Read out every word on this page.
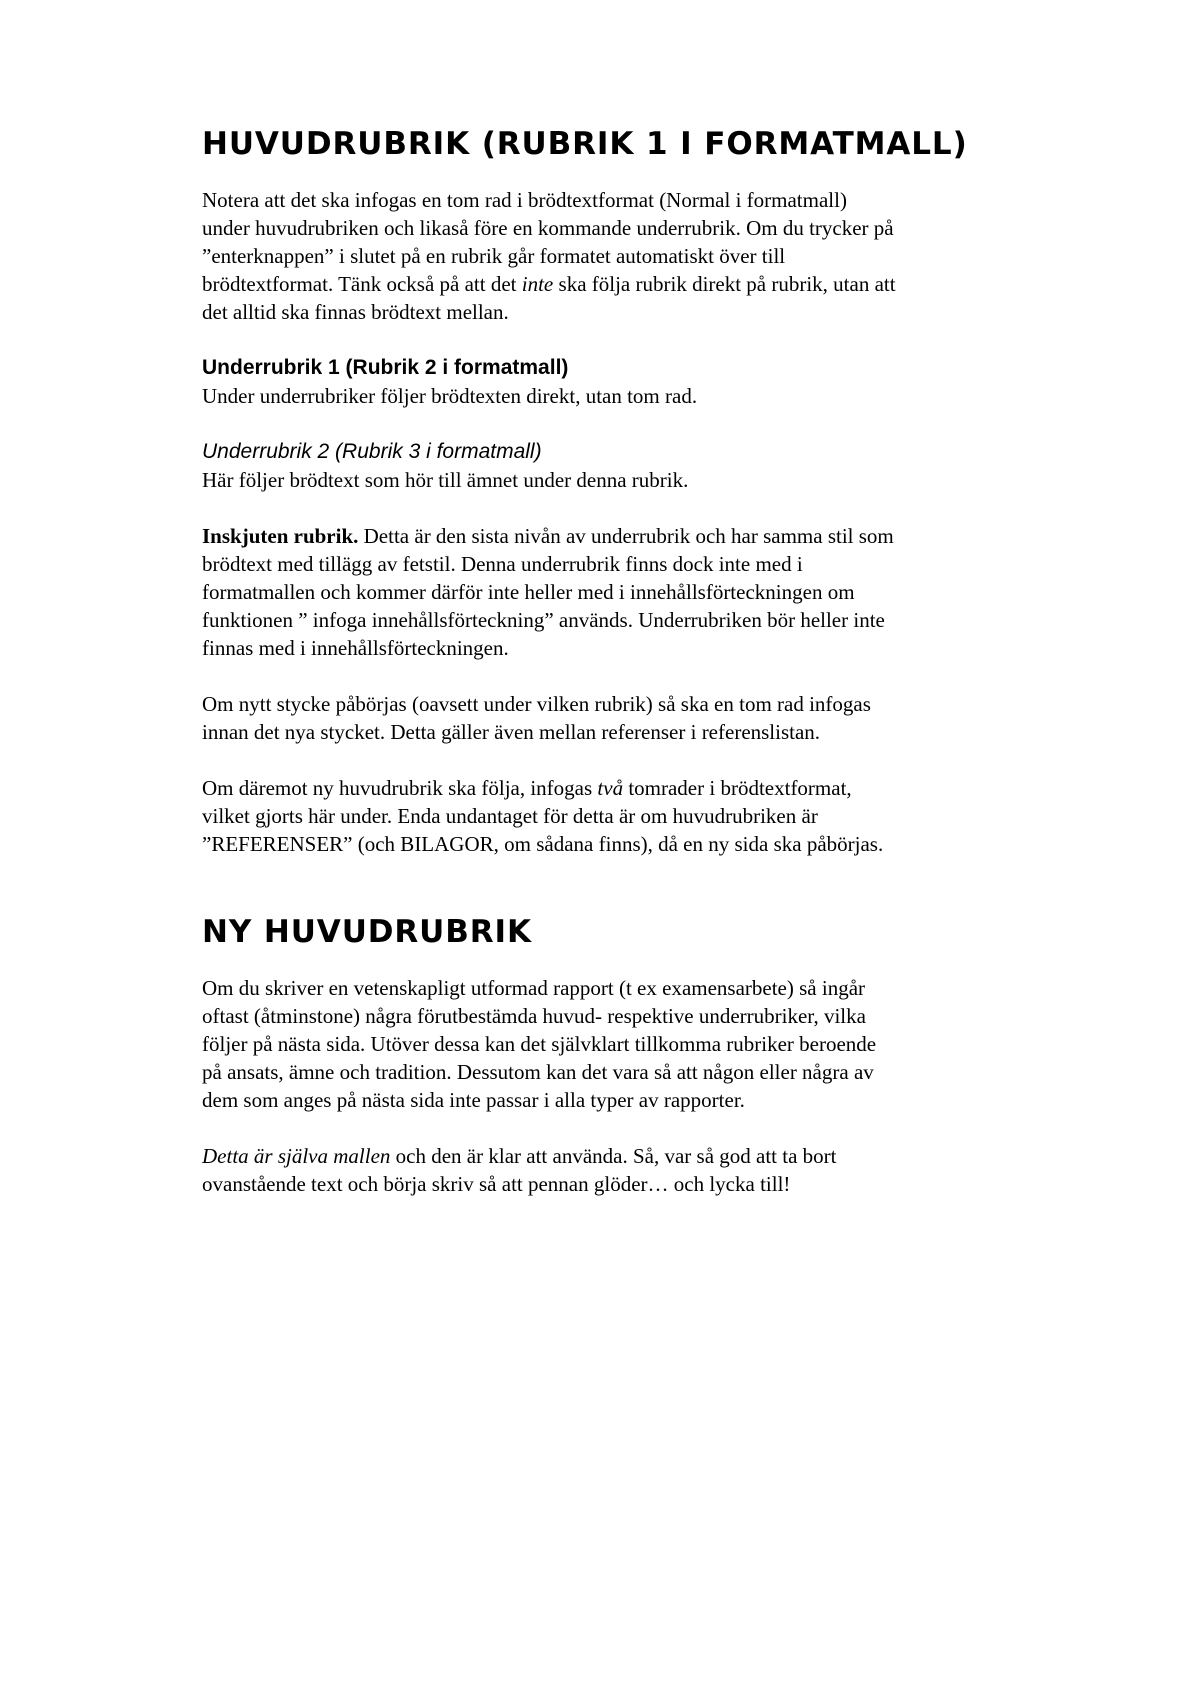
HUVUDRUBRIK (RUBRIK 1 I FORMATMALL)
Notera att det ska infogas en tom rad i brödtextformat (Normal i formatmall)
under huvudrubriken och likaså före en kommande underrubrik. Om du trycker på
”enterknappen” i slutet på en rubrik går formatet automatiskt över till
brödtextformat. Tänk också på att det inte ska följa rubrik direkt på rubrik, utan att
det alltid ska finnas brödtext mellan.
Underrubrik 1 (Rubrik 2 i formatmall)
Under underrubriker följer brödtexten direkt, utan tom rad.
Underrubrik 2 (Rubrik 3 i formatmall)
Här följer brödtext som hör till ämnet under denna rubrik.
Inskjuten rubrik. Detta är den sista nivån av underrubrik och har samma stil som
brödtext med tillägg av fetstil. Denna underrubrik finns dock inte med i
formatmallen och kommer därför inte heller med i innehållsförteckningen om
funktionen ” infoga innehållsförteckning” används. Underrubriken bör heller inte
finnas med i innehållsförteckningen.
Om nytt stycke påbörjas (oavsett under vilken rubrik) så ska en tom rad infogas
innan det nya stycket. Detta gäller även mellan referenser i referenslistan.
Om däremot ny huvudrubrik ska följa, infogas två tomrader i brödtextformat,
vilket gjorts här under. Enda undantaget för detta är om huvudrubriken är
”REFERENSER” (och BILAGOR, om sådana finns), då en ny sida ska påbörjas.
NY HUVUDRUBRIK
Om du skriver en vetenskapligt utformad rapport (t ex examensarbete) så ingår
oftast (åtminstone) några förutbestämda huvud- respektive underrubriker, vilka
följer på nästa sida. Utöver dessa kan det självklart tillkomma rubriker beroende
på ansats, ämne och tradition. Dessutom kan det vara så att någon eller några av
dem som anges på nästa sida inte passar i alla typer av rapporter.
Detta är själva mallen och den är klar att använda. Så, var så god att ta bort
ovanstående text och börja skriv så att pennan glöder… och lycka till!
